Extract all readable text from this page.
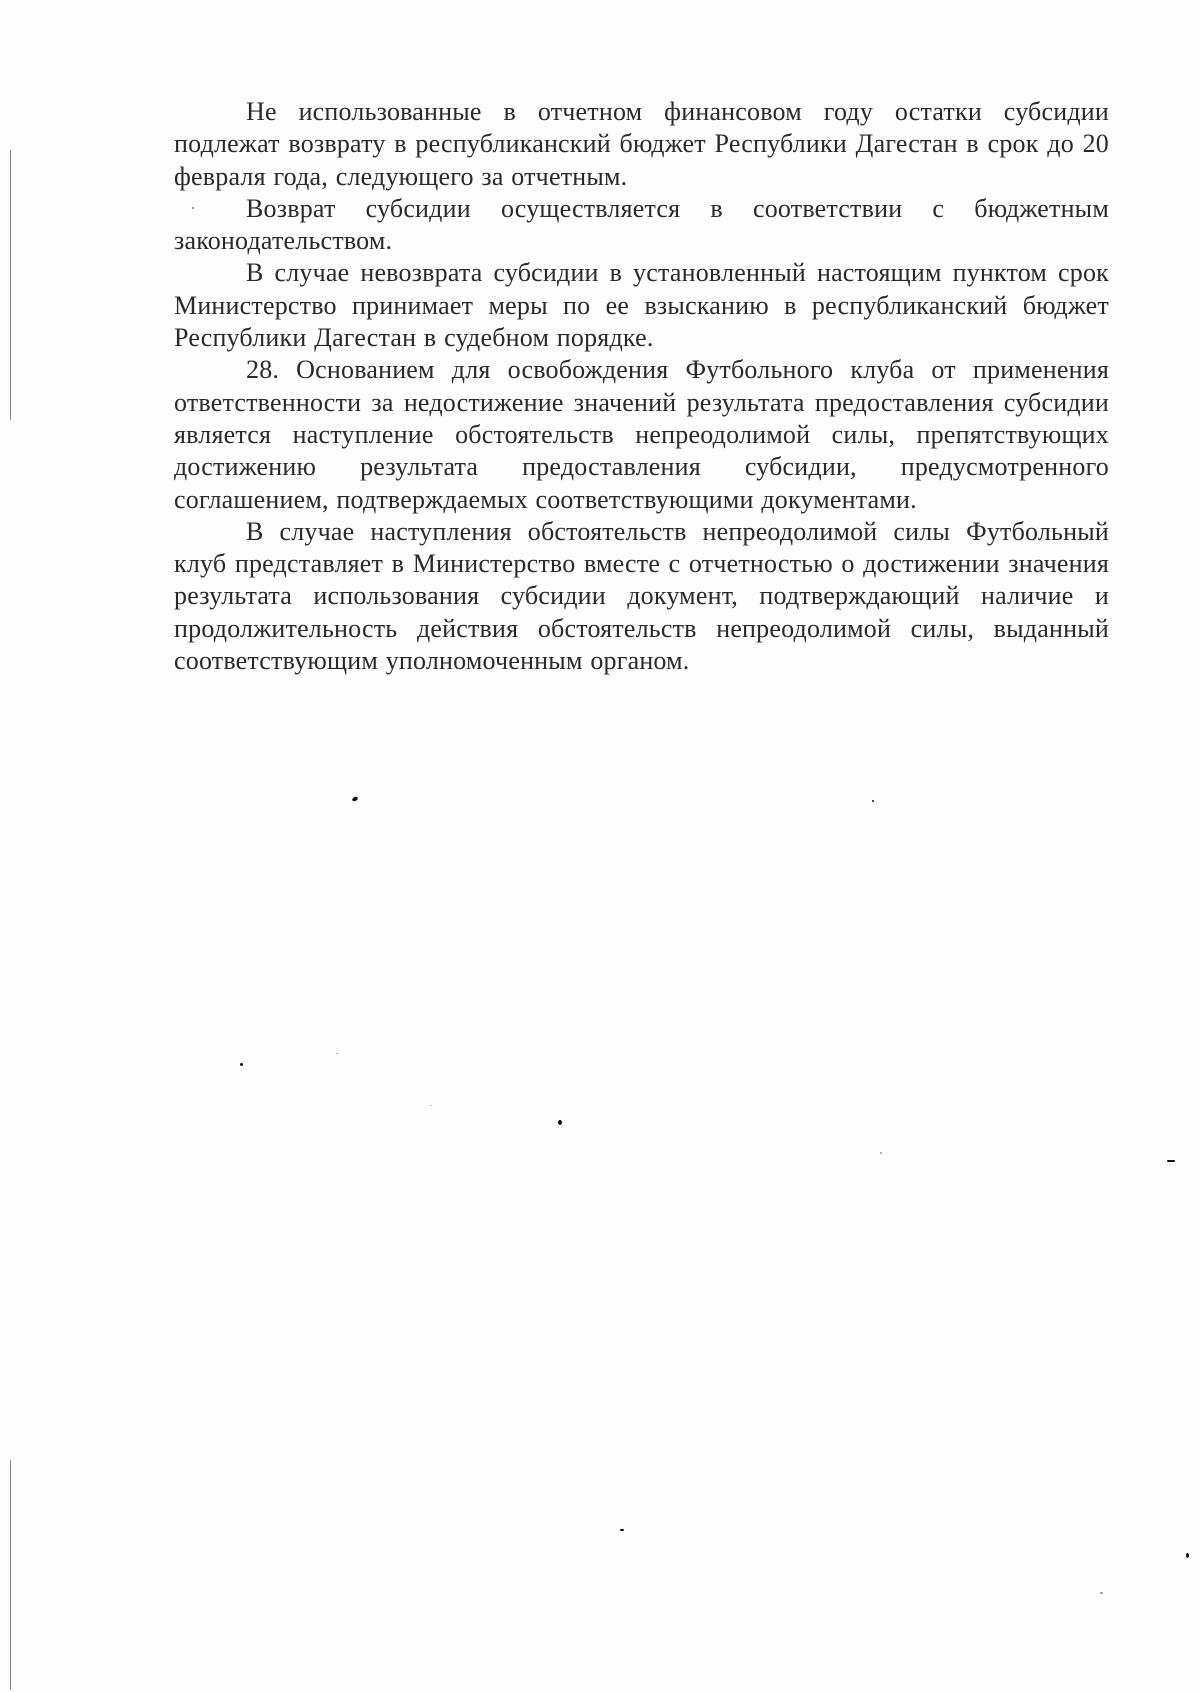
Не использованные в отчетном финансовом году остатки субсидии подлежат возврату в республиканский бюджет Республики Дагестан в срок до 20 февраля года, следующего за отчетным.

Возврат субсидии осуществляется в соответствии с бюджетным законодательством.

В случае невозврата субсидии в установленный настоящим пунктом срок Министерство принимает меры по ее взысканию в республиканский бюджет Республики Дагестан в судебном порядке.

28. Основанием для освобождения Футбольного клуба от применения ответственности за недостижение значений результата предоставления субсидии является наступление обстоятельств непреодолимой силы, препятствующих достижению результата предоставления субсидии, предусмотренного соглашением, подтверждаемых соответствующими документами.

В случае наступления обстоятельств непреодолимой силы Футбольный клуб представляет в Министерство вместе с отчетностью о достижении значения результата использования субсидии документ, подтверждающий наличие и продолжительность действия обстоятельств непреодолимой силы, выданный соответствующим уполномоченным органом.
